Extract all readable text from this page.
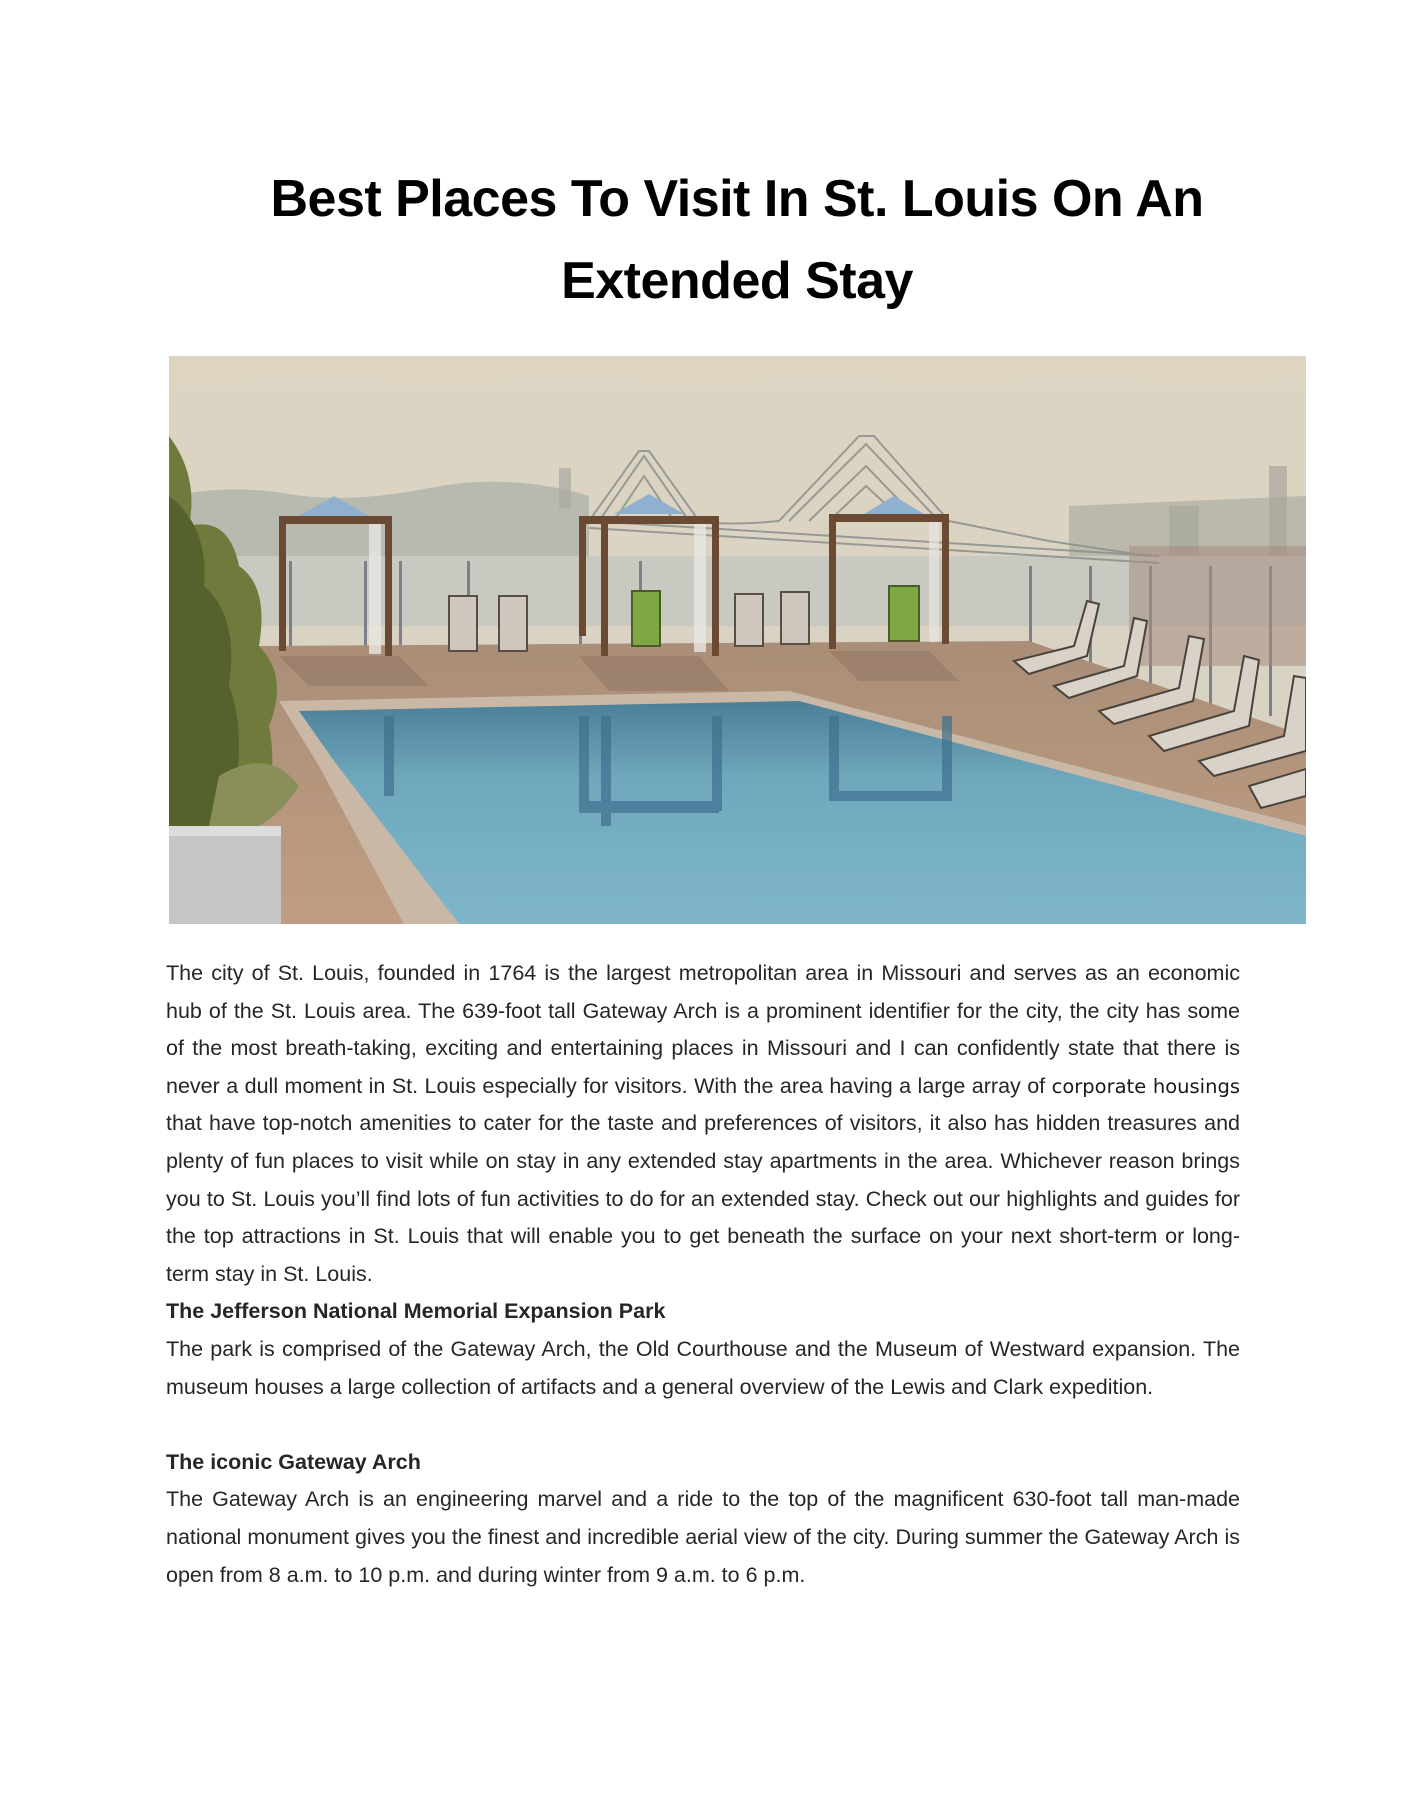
Best Places To Visit In St. Louis On An
Extended Stay

The city of St. Louis, founded in 1764 is the largest metropolitan area in Missouri and serves as an economic hub of the St. Louis area. The 639-foot tall Gateway Arch is a prominent identifier for the city, the city has some of the most breath-taking, exciting and entertaining places in Missouri and I can confidently state that there is never a dull moment in St. Louis especially for visitors. With the area having a large array of corporate housings that have top-notch amenities to cater for the taste and preferences of visitors, it also has hidden treasures and plenty of fun places to visit while on stay in any extended stay apartments in the area. Whichever reason brings you to St. Louis you’ll find lots of fun activities to do for an extended stay. Check out our highlights and guides for the top attractions in St. Louis that will enable you to get beneath the surface on your next short-term or long-term stay in St. Louis.

The Jefferson National Memorial Expansion Park

The park is comprised of the Gateway Arch, the Old Courthouse and the Museum of Westward expansion. The museum houses a large collection of artifacts and a general overview of the Lewis and Clark expedition.

The iconic Gateway Arch

The Gateway Arch is an engineering marvel and a ride to the top of the magnificent 630-foot tall man-made national monument gives you the finest and incredible aerial view of the city. During summer the Gateway Arch is open from 8 a.m. to 10 p.m. and during winter from 9 a.m. to 6 p.m.
